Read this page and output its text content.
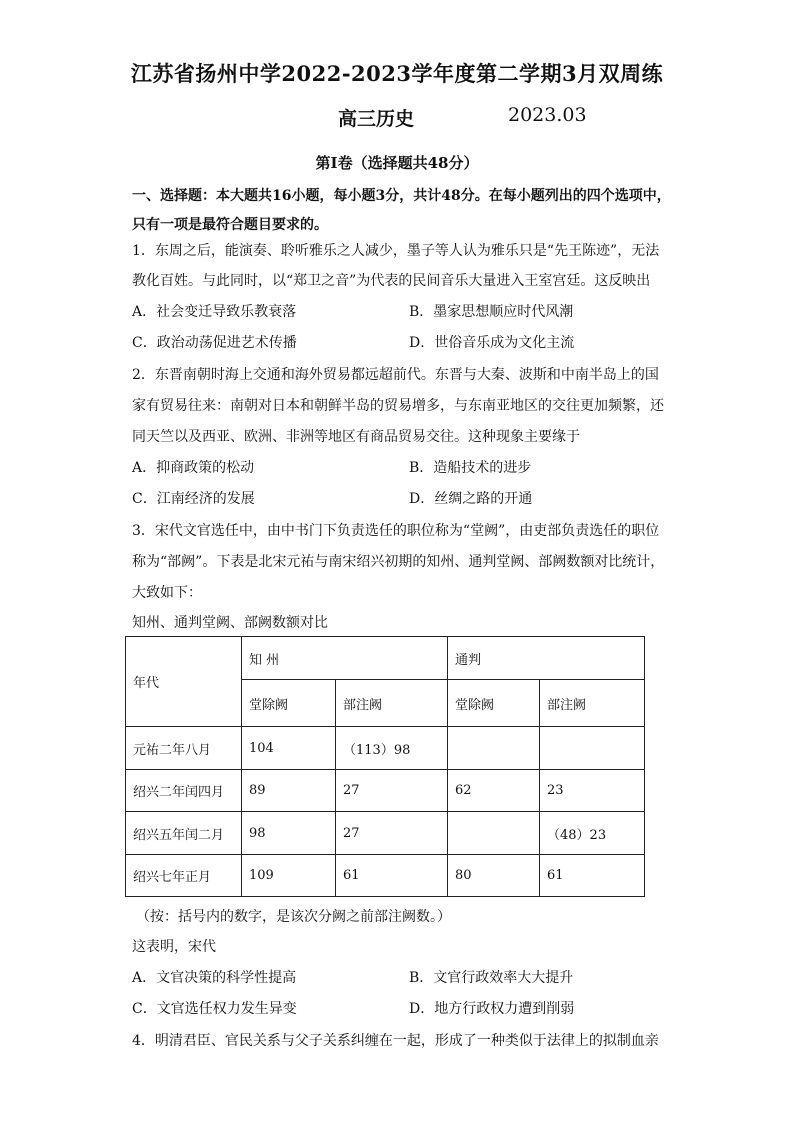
江苏省扬州中学2022-2023学年度第二学期3月双周练
高三历史	2023.03
第Ⅰ卷（选择题共48分）
一、选择题：本大题共16小题，每小题3分，共计48分。在每小题列出的四个选项中，
只有一项是最符合题目要求的。
1．东周之后，能演奏、聆听雅乐之人减少，墨子等人认为雅乐只是“先王陈迹”，无法
教化百姓。与此同时，以“郑卫之音”为代表的民间音乐大量进入王室宫廷。这反映出
A．社会变迁导致乐教衰落	B．墨家思想顺应时代风潮
C．政治动荡促进艺术传播	D．世俗音乐成为文化主流
2．东晋南朝时海上交通和海外贸易都远超前代。东晋与大秦、波斯和中南半岛上的国
家有贸易往来：南朝对日本和朝鲜半岛的贸易增多，与东南亚地区的交往更加频繁，还
同天竺以及西亚、欧洲、非洲等地区有商品贸易交往。这种现象主要缘于
A．抑商政策的松动	B．造船技术的进步
C．江南经济的发展	D．丝绸之路的开通
3．宋代文官选任中，由中书门下负责选任的职位称为“堂阙”，由吏部负责选任的职位
称为“部阙”。下表是北宋元祐与南宋绍兴初期的知州、通判堂阙、部阙数额对比统计，
大致如下：
知州、通判堂阙、部阙数额对比
年代	知 州		通判	
	堂除阙	部注阙	堂除阙	部注阙
元祐二年八月	104	（113）98		
绍兴二年闰四月	89	27	62	23
绍兴五年闰二月	98	27		（48）23
绍兴七年正月	109	61	80	61
（按：括号内的数字，是该次分阙之前部注阙数。）
这表明，宋代
A．文官决策的科学性提高	B．文官行政效率大大提升
C．文官选任权力发生异变	D．地方行政权力遭到削弱
4．明清君臣、官民关系与父子关系纠缠在一起，形成了一种类似于法律上的拟制血亲
